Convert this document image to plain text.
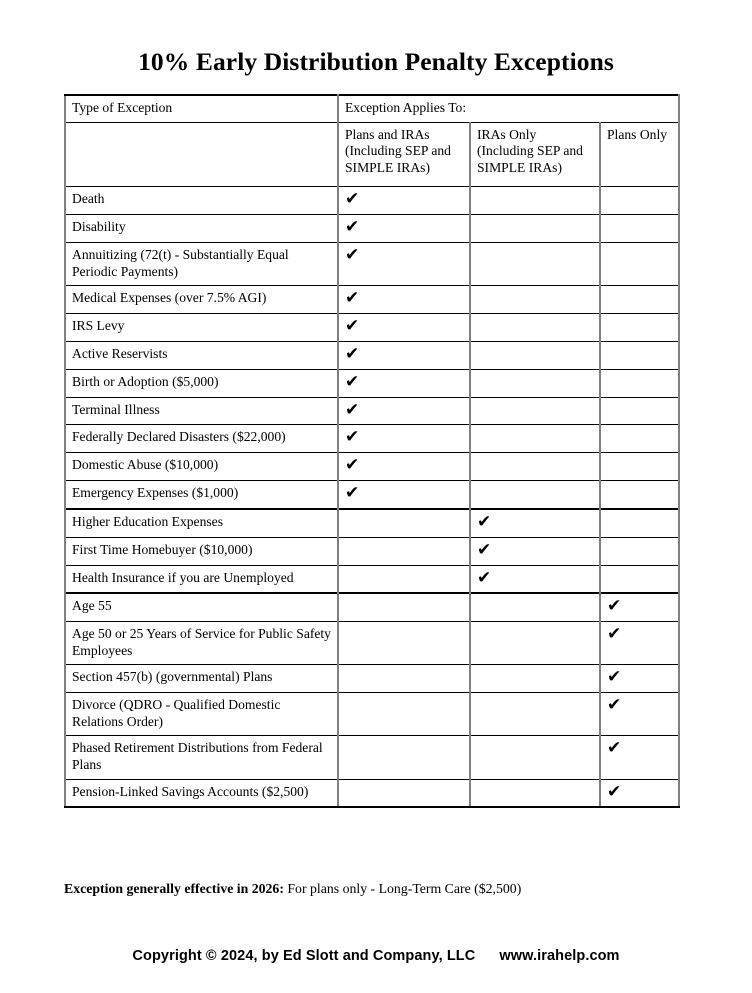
10% Early Distribution Penalty Exceptions
Type of Exception	Exception Applies To:		
	Plans and IRAs (Including SEP and SIMPLE IRAs)	IRAs Only (Including SEP and SIMPLE IRAs)	Plans Only
Death	✔		
Disability	✔		
Annuitizing (72(t) - Substantially Equal Periodic Payments)	✔		
Medical Expenses (over 7.5% AGI)	✔		
IRS Levy	✔		
Active Reservists	✔		
Birth or Adoption ($5,000)	✔		
Terminal Illness	✔		
Federally Declared Disasters ($22,000)	✔		
Domestic Abuse ($10,000)	✔		
Emergency Expenses ($1,000)	✔		
Higher Education Expenses		✔	
First Time Homebuyer ($10,000)		✔	
Health Insurance if you are Unemployed		✔	
Age 55			✔
Age 50 or 25 Years of Service for Public Safety Employees			✔
Section 457(b) (governmental) Plans			✔
Divorce (QDRO - Qualified Domestic Relations Order)			✔
Phased Retirement Distributions from Federal Plans			✔
Pension-Linked Savings Accounts ($2,500)			✔
Exception generally effective in 2026: For plans only - Long-Term Care ($2,500)
Copyright © 2024, by Ed Slott and Company, LLC www.irahelp.com
